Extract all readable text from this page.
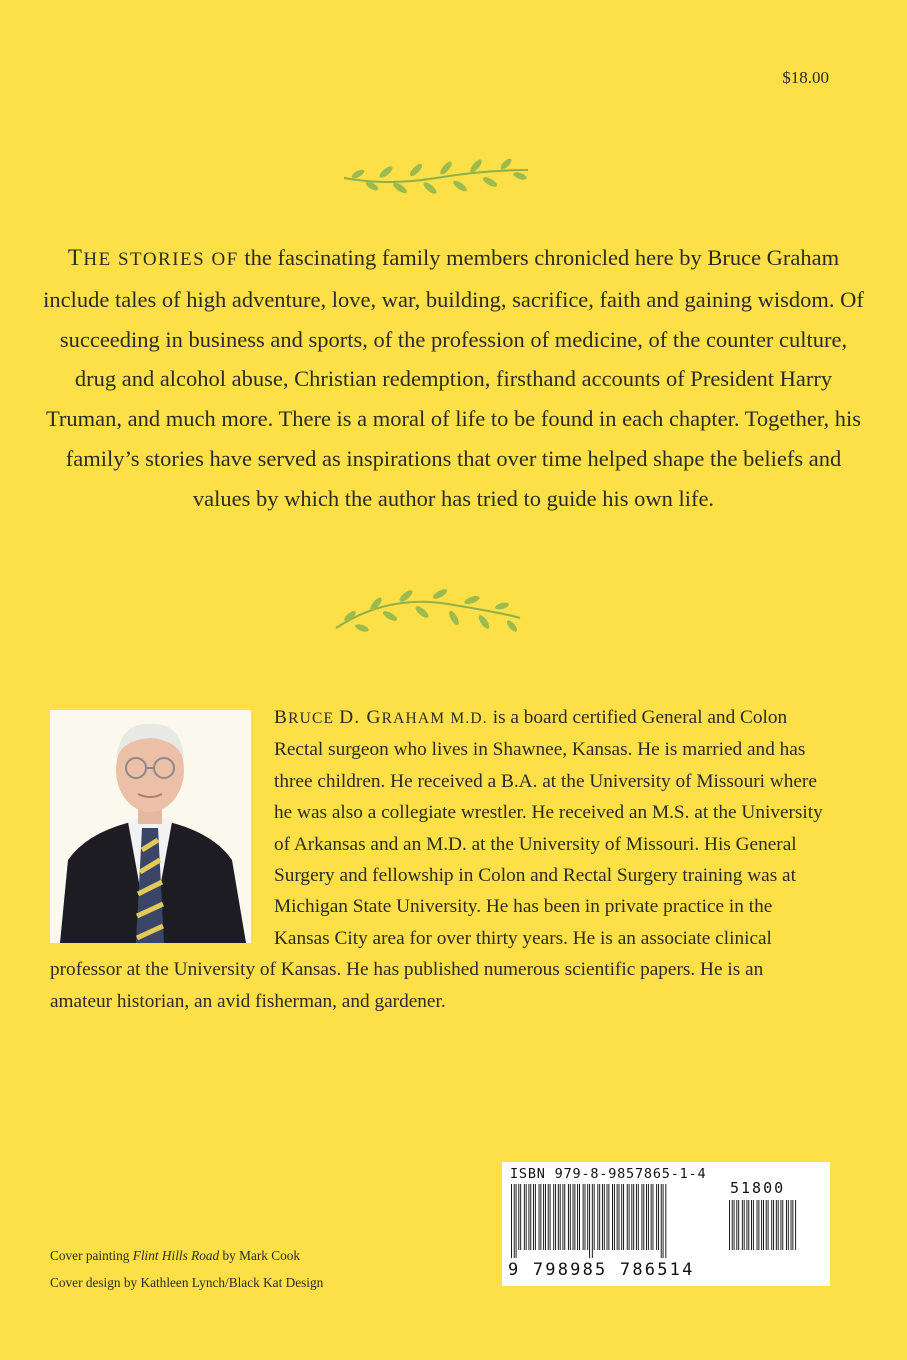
$18.00
THE STORIES OF the fascinating family members chronicled here by Bruce Graham include tales of high adventure, love, war, building, sacrifice, faith and gaining wisdom. Of succeeding in business and sports, of the profession of medicine, of the counter culture, drug and alcohol abuse, Christian redemption, firsthand accounts of President Harry Truman, and much more. There is a moral of life to be found in each chapter. Together, his family’s stories have served as inspirations that over time helped shape the beliefs and values by which the author has tried to guide his own life.
BRUCE D. GRAHAM M.D. is a board certified General and Colon Rectal surgeon who lives in Shawnee, Kansas. He is married and has three children. He received a B.A. at the University of Missouri where he was also a collegiate wrestler. He received an M.S. at the University of Arkansas and an M.D. at the University of Missouri. His General Surgery and fellowship in Colon and Rectal Surgery training was at Michigan State University. He has been in private practice in the Kansas City area for over thirty years. He is an associate clinical professor at the University of Kansas. He has published numerous scientific papers. He is an amateur historian, an avid fisherman, and gardener.
Cover painting Flint Hills Road by Mark Cook
Cover design by Kathleen Lynch/Black Kat Design
ISBN 979-8-9857865-1-4
51800
9 798985 786514
